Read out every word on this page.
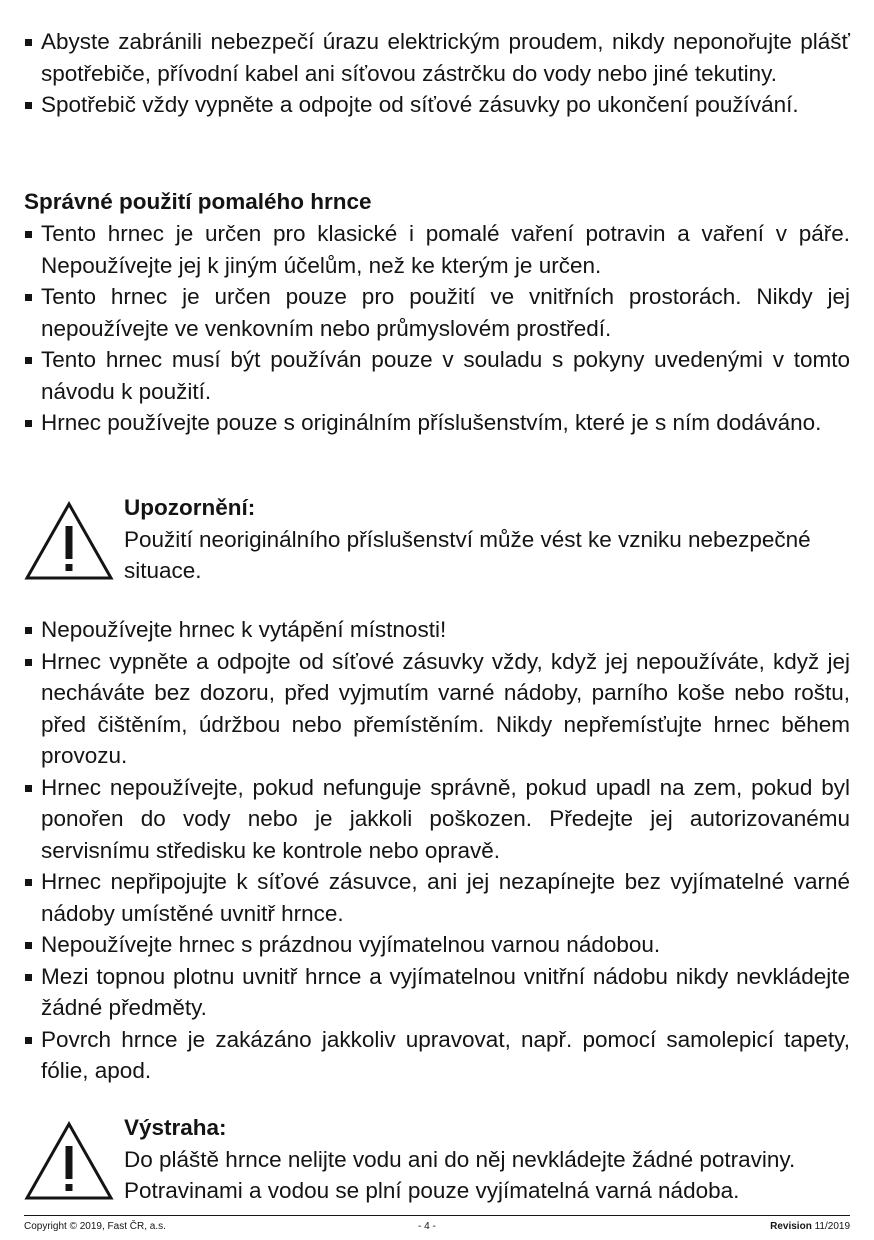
Abyste zabránili nebezpečí úrazu elektrickým proudem, nikdy neponořujte plášť spotřebiče, přívodní kabel ani síťovou zástrčku do vody nebo jiné tekutiny.
Spotřebič vždy vypněte a odpojte od síťové zásuvky po ukončení používání.
Správné použití pomalého hrnce
Tento hrnec je určen pro klasické i pomalé vaření potravin a vaření v páře. Nepoužívejte jej k jiným účelům, než ke kterým je určen.
Tento hrnec je určen pouze pro použití ve vnitřních prostorách. Nikdy jej nepoužívejte ve venkovním nebo průmyslovém prostředí.
Tento hrnec musí být používán pouze v souladu s pokyny uvedenými v tomto návodu k použití.
Hrnec používejte pouze s originálním příslušenstvím, které je s ním dodáváno.
Upozornění:
Použití neoriginálního příslušenství může vést ke vzniku nebezpečné situace.
Nepoužívejte hrnec k vytápění místnosti!
Hrnec vypněte a odpojte od síťové zásuvky vždy, když jej nepoužíváte, když jej necháváte bez dozoru, před vyjmutím varné nádoby, parního koše nebo roštu, před čištěním, údržbou nebo přemístěním. Nikdy nepřemísťujte hrnec během provozu.
Hrnec nepoužívejte, pokud nefunguje správně, pokud upadl na zem, pokud byl ponořen do vody nebo je jakkoli poškozen. Předejte jej autorizovanému servisnímu středisku ke kontrole nebo opravě.
Hrnec nepřipojujte k síťové zásuvce, ani jej nezapínejte bez vyjímatelné varné nádoby umístěné uvnitř hrnce.
Nepoužívejte hrnec s prázdnou vyjímatelnou varnou nádobou.
Mezi topnou plotnu uvnitř hrnce a vyjímatelnou vnitřní nádobu nikdy nevkládejte žádné předměty.
Povrch hrnce je zakázáno jakkoliv upravovat, např. pomocí samolepicí tapety, fólie, apod.
Výstraha:
Do pláště hrnce nelijte vodu ani do něj nevkládejte žádné potraviny. Potravinami a vodou se plní pouze vyjímatelná varná nádoba.
Copyright © 2019, Fast ČR, a.s.	- 4 -	Revision 11/2019
